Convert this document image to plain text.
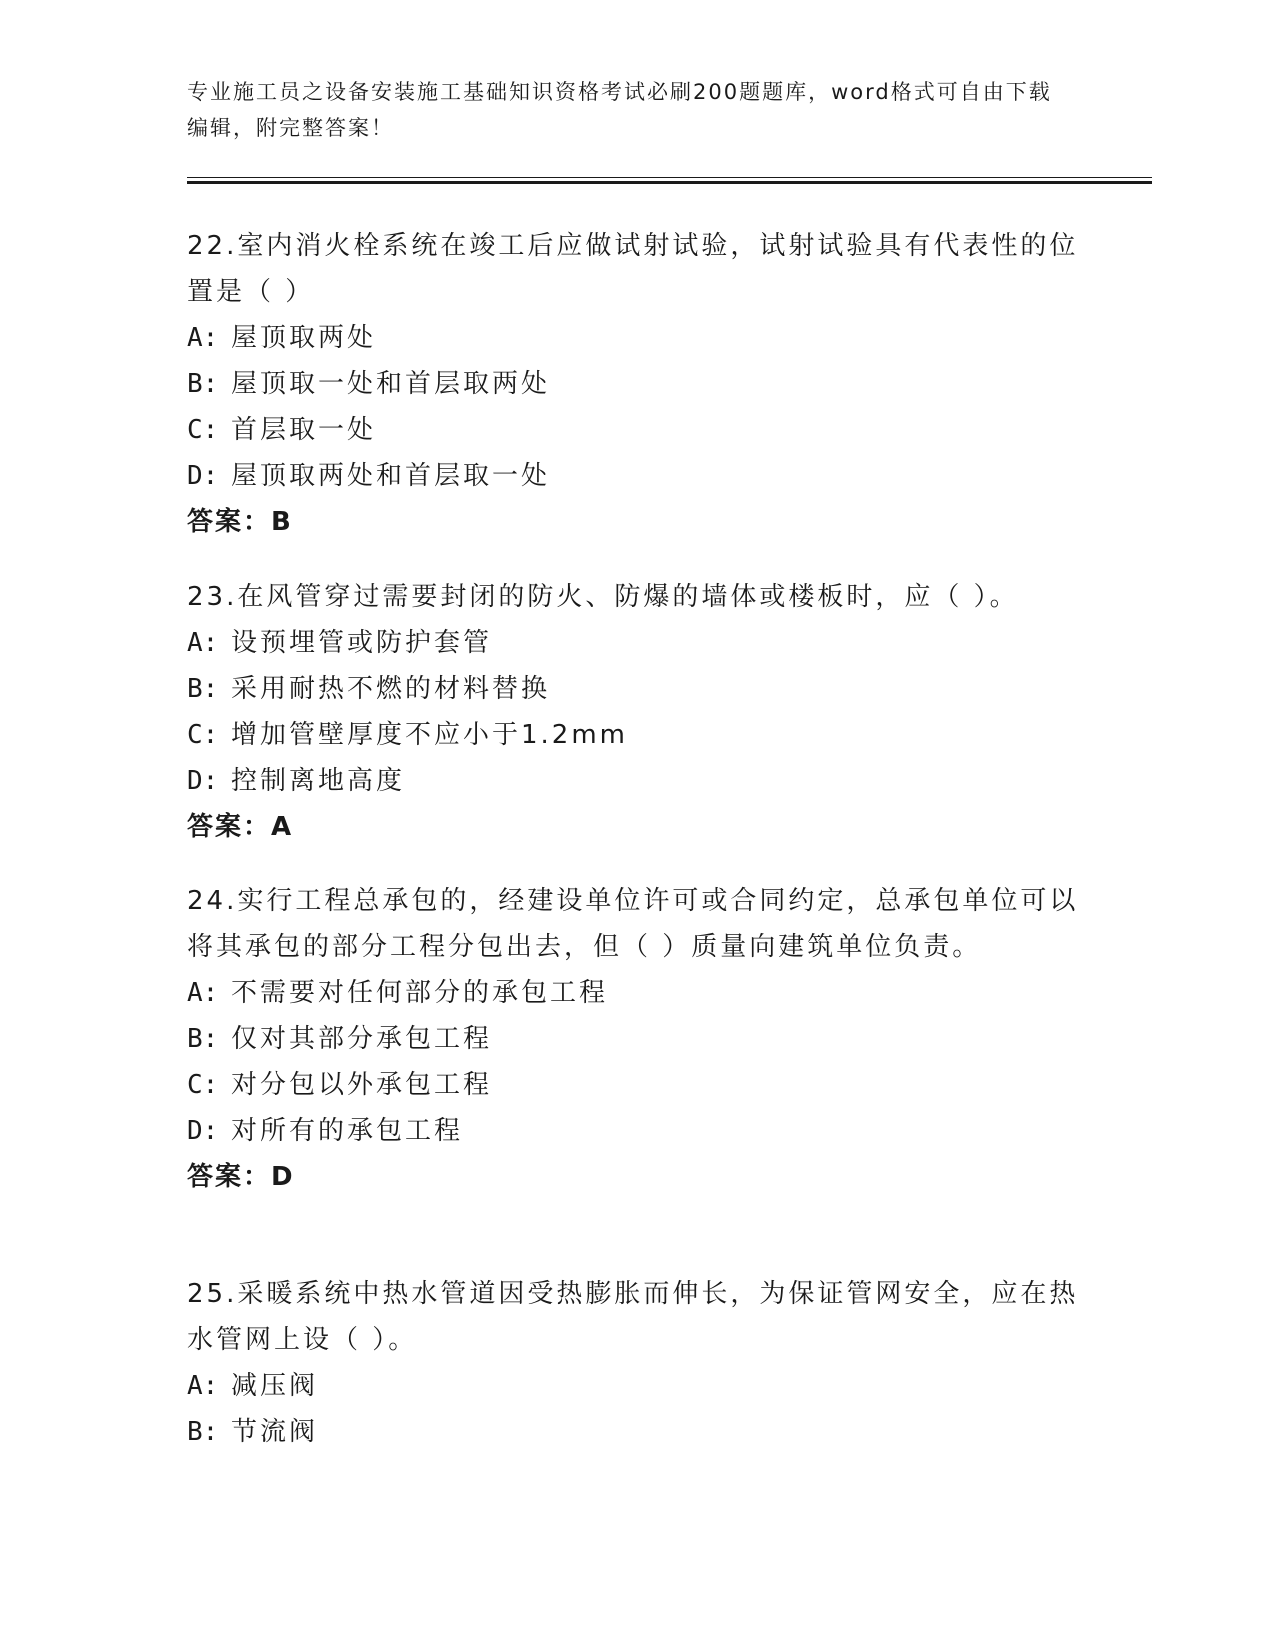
专业施工员之设备安装施工基础知识资格考试必刷200题题库，word格式可自由下载编辑，附完整答案！

22.室内消火栓系统在竣工后应做试射试验，试射试验具有代表性的位置是（ ）

A: 屋顶取两处
B: 屋顶取一处和首层取两处
C: 首层取一处
D: 屋顶取两处和首层取一处
答案：B

23.在风管穿过需要封闭的防火、防爆的墙体或楼板时，应（ ）。

A: 设预埋管或防护套管
B: 采用耐热不燃的材料替换
C: 增加管壁厚度不应小于1.2mm
D: 控制离地高度
答案：A

24.实行工程总承包的，经建设单位许可或合同约定，总承包单位可以将其承包的部分工程分包出去，但（ ）质量向建筑单位负责。

A: 不需要对任何部分的承包工程
B: 仅对其部分承包工程
C: 对分包以外承包工程
D: 对所有的承包工程
答案：D

25.采暖系统中热水管道因受热膨胀而伸长，为保证管网安全，应在热水管网上设（ ）。

A: 减压阀
B: 节流阀
